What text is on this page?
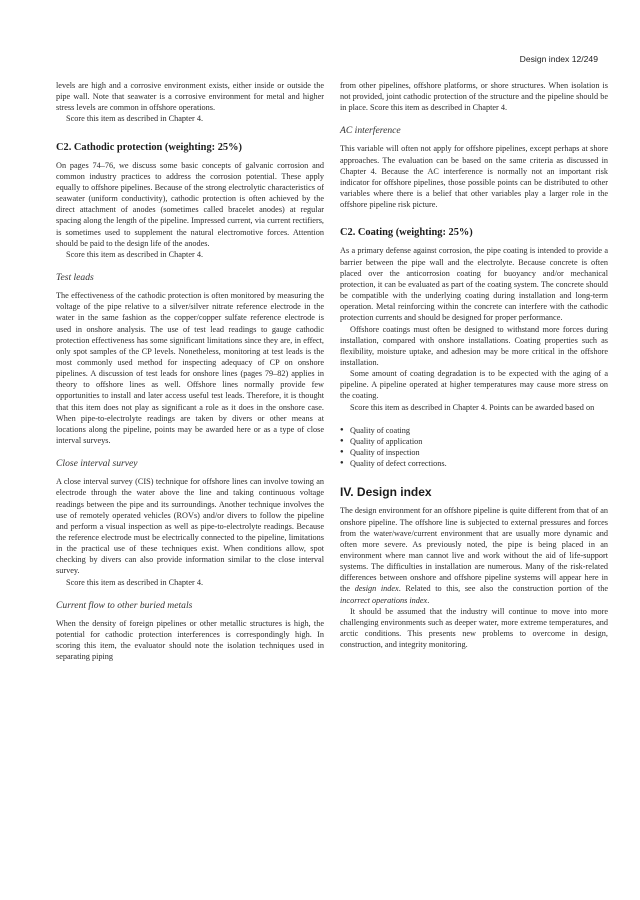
Design index 12/249

levels are high and a corrosive environment exists, either inside or outside the pipe wall. Note that seawater is a corrosive environment for metal and higher stress levels are common in offshore operations.

Score this item as described in Chapter 4.

C2. Cathodic protection (weighting: 25%)

On pages 74–76, we discuss some basic concepts of galvanic corrosion and common industry practices to address the corrosion potential. These apply equally to offshore pipelines. Because of the strong electrolytic characteristics of seawater (uniform conductivity), cathodic protection is often achieved by the direct attachment of anodes (sometimes called bracelet anodes) at regular spacing along the length of the pipeline. Impressed current, via current rectifiers, is sometimes used to supplement the natural electromotive forces. Attention should be paid to the design life of the anodes.

Score this item as described in Chapter 4.

Test leads

The effectiveness of the cathodic protection is often monitored by measuring the voltage of the pipe relative to a silver/silver nitrate reference electrode in the water in the same fashion as the copper/copper sulfate reference electrode is used in onshore analysis. The use of test lead readings to gauge cathodic protection effectiveness has some significant limitations since they are, in effect, only spot samples of the CP levels. Nonetheless, monitoring at test leads is the most commonly used method for inspecting adequacy of CP on onshore pipelines. A discussion of test leads for onshore lines (pages 79–82) applies in theory to offshore lines as well. Offshore lines normally provide few opportunities to install and later access useful test leads. Therefore, it is thought that this item does not play as significant a role as it does in the onshore case. When pipe-to-electrolyte readings are taken by divers or other means at locations along the pipeline, points may be awarded here or as a type of close interval surveys.

Close interval survey

A close interval survey (CIS) technique for offshore lines can involve towing an electrode through the water above the line and taking continuous voltage readings between the pipe and its surroundings. Another technique involves the use of remotely operated vehicles (ROVs) and/or divers to follow the pipeline and perform a visual inspection as well as pipe-to-electrolyte readings. Because the reference electrode must be electrically connected to the pipeline, limitations in the practical use of these techniques exist. When conditions allow, spot checking by divers can also provide information similar to the close interval survey.

Score this item as described in Chapter 4.

Current flow to other buried metals

When the density of foreign pipelines or other metallic structures is high, the potential for cathodic protection interferences is correspondingly high. In scoring this item, the evaluator should note the isolation techniques used in separating piping

from other pipelines, offshore platforms, or shore structures. When isolation is not provided, joint cathodic protection of the structure and the pipeline should be in place. Score this item as described in Chapter 4.

AC interference

This variable will often not apply for offshore pipelines, except perhaps at shore approaches. The evaluation can be based on the same criteria as discussed in Chapter 4. Because the AC interference is normally not an important risk indicator for offshore pipelines, those possible points can be distributed to other variables where there is a belief that other variables play a larger role in the offshore pipeline risk picture.

C2. Coating (weighting: 25%)

As a primary defense against corrosion, the pipe coating is intended to provide a barrier between the pipe wall and the electrolyte. Because concrete is often placed over the anticorrosion coating for buoyancy and/or mechanical protection, it can be evaluated as part of the coating system. The concrete should be compatible with the underlying coating during installation and long-term operation. Metal reinforcing within the concrete can interfere with the cathodic protection currents and should be designed for proper performance.

Offshore coatings must often be designed to withstand more forces during installation, compared with onshore installations. Coating properties such as flexibility, moisture uptake, and adhesion may be more critical in the offshore installation.

Some amount of coating degradation is to be expected with the aging of a pipeline. A pipeline operated at higher temperatures may cause more stress on the coating.

Score this item as described in Chapter 4. Points can be awarded based on

● Quality of coating
● Quality of application
● Quality of inspection
● Quality of defect corrections.
IV. Design index

The design environment for an offshore pipeline is quite different from that of an onshore pipeline. The offshore line is subjected to external pressures and forces from the water/wave/current environment that are usually more dynamic and often more severe. As previously noted, the pipe is being placed in an environment where man cannot live and work without the aid of life-support systems. The difficulties in installation are numerous. Many of the risk-related differences between onshore and offshore pipeline systems will appear here in the design index. Related to this, see also the construction portion of the incorrect operations index.

It should be assumed that the industry will continue to move into more challenging environments such as deeper water, more extreme temperatures, and arctic conditions. This presents new problems to overcome in design, construction, and integrity monitoring.
